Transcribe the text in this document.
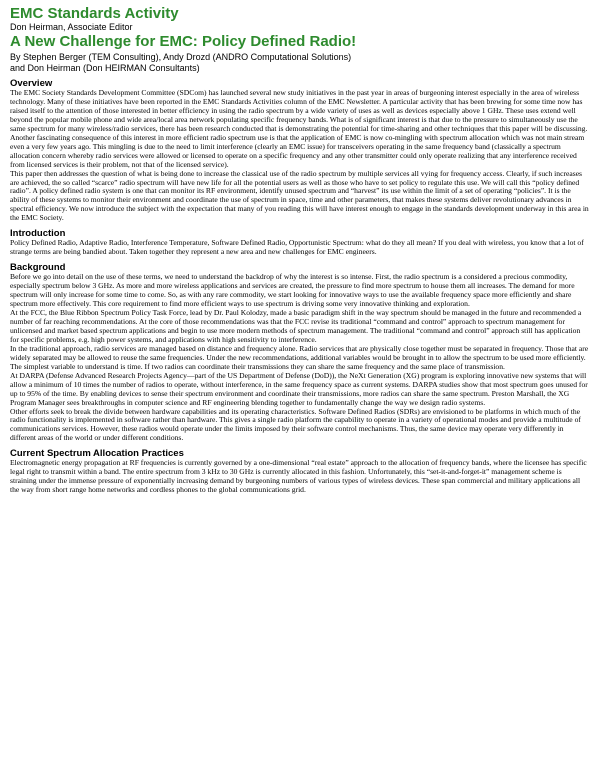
EMC Standards Activity

Don Heirman, Associate Editor

A New Challenge for EMC: Policy Defined Radio!

By Stephen Berger (TEM Consulting), Andy Drozd (ANDRO Computational Solutions)

and Don Heirman (Don HEIRMAN Consultants)

Overview

The EMC Society Standards Development Committee (SDCom) has launched several new study initiatives in the past year in areas of burgeoning interest especially in the area of wireless technology. Many of these initiatives have been reported in the EMC Standards Activities column of the EMC Newsletter. A particular activity that has been brewing for some time now has raised itself to the attention of those interested in better efficiency in using the radio spectrum by a wide variety of uses as well as devices especially above 1 GHz. These uses extend well beyond the popular mobile phone and wide area/local area network populating specific frequency bands. What is of significant interest is that due to the pressure to simultaneously use the same spectrum for many wireless/radio services, there has been research conducted that is demonstrating the potential for time-sharing and other techniques that this paper will be discussing.

Another fascinating consequence of this interest in more efficient radio spectrum use is that the application of EMC is now co-mingling with spectrum allocation which was not main stream even a very few years ago. This mingling is due to the need to limit interference (clearly an EMC issue) for transceivers operating in the same frequency band (classically a spectrum allocation concern whereby radio services were allowed or licensed to operate on a specific frequency and any other transmitter could only operate realizing that any interference received from licensed services is their problem, not that of the licensed service).

This paper then addresses the question of what is being done to increase the classical use of the radio spectrum by multiple services all vying for frequency access. Clearly, if such increases are achieved, the so called “scarce” radio spectrum will have new life for all the potential users as well as those who have to set policy to regulate this use. We will call this “policy defined radio”. A policy defined radio system is one that can monitor its RF environment, identify unused spectrum and “harvest” its use within the limit of a set of operating “policies”. It is the ability of these systems to monitor their environment and coordinate the use of spectrum in space, time and other parameters, that makes these systems deliver revolutionary advances in spectral efficiency. We now introduce the subject with the expectation that many of you reading this will have interest enough to engage in the standards development underway in this area in the EMC Society.

Introduction

Policy Defined Radio, Adaptive Radio, Interference Temperature, Software Defined Radio, Opportunistic Spectrum: what do they all mean? If you deal with wireless, you know that a lot of strange terms are being bandied about. Taken together they represent a new area and new challenges for EMC engineers.

Background

Before we go into detail on the use of these terms, we need to understand the backdrop of why the interest is so intense. First, the radio spectrum is a considered a precious commodity, especially spectrum below 3 GHz. As more and more wireless applications and services are created, the pressure to find more spectrum to house them all increases. The demand for more spectrum will only increase for some time to come. So, as with any rare commodity, we start looking for innovative ways to use the available frequency space more efficiently and share spectrum more effectively. This core requirement to find more efficient ways to use spectrum is driving some very innovative thinking and exploration.

At the FCC, the Blue Ribbon Spectrum Policy Task Force, lead by Dr. Paul Kolodzy, made a basic paradigm shift in the way spectrum should be managed in the future and recommended a number of far reaching recommendations. At the core of those recommendations was that the FCC revise its traditional “command and control” approach to spectrum management for unlicensed and market based spectrum applications and begin to use more modern methods of spectrum management. The traditional “command and control” approach still has application for specific problems, e.g. high power systems, and applications with high sensitivity to interference.

In the traditional approach, radio services are managed based on distance and frequency alone. Radio services that are physically close together must be separated in frequency. Those that are widely separated may be allowed to reuse the same frequencies. Under the new recommendations, additional variables would be brought in to allow the spectrum to be used more efficiently. The simplest variable to understand is time. If two radios can coordinate their transmissions they can share the same frequency and the same place of transmission.

At DARPA (Defense Advanced Research Projects Agency—part of the US Department of Defense (DoD)), the NeXt Generation (XG) program is exploring innovative new systems that will allow a minimum of 10 times the number of radios to operate, without interference, in the same frequency space as current systems. DARPA studies show that most spectrum goes unused for up to 95% of the time. By enabling devices to sense their spectrum environment and coordinate their transmissions, more radios can share the same spectrum. Preston Marshall, the XG Program Manager sees breakthroughs in computer science and RF engineering blending together to fundamentally change the way we design radio systems.

Other efforts seek to break the divide between hardware capabilities and its operating characteristics. Software Defined Radios (SDRs) are envisioned to be platforms in which much of the radio functionality is implemented in software rather than hardware. This gives a single radio platform the capability to operate in a variety of operational modes and provide a multitude of communications services. However, these radios would operate under the limits imposed by their software control mechanisms. Thus, the same device may operate very differently in different areas of the world or under different conditions.

Current Spectrum Allocation Practices

Electromagnetic energy propagation at RF frequencies is currently governed by a one-dimensional “real estate” approach to the allocation of frequency bands, where the licensee has specific legal right to transmit within a band. The entire spectrum from 3 kHz to 30 GHz is currently allocated in this fashion. Unfortunately, this “set-it-and-forget-it” management scheme is straining under the immense pressure of exponentially increasing demand by burgeoning numbers of various types of wireless devices. These span commercial and military applications all the way from short range home networks and cordless phones to the global communications grid.
